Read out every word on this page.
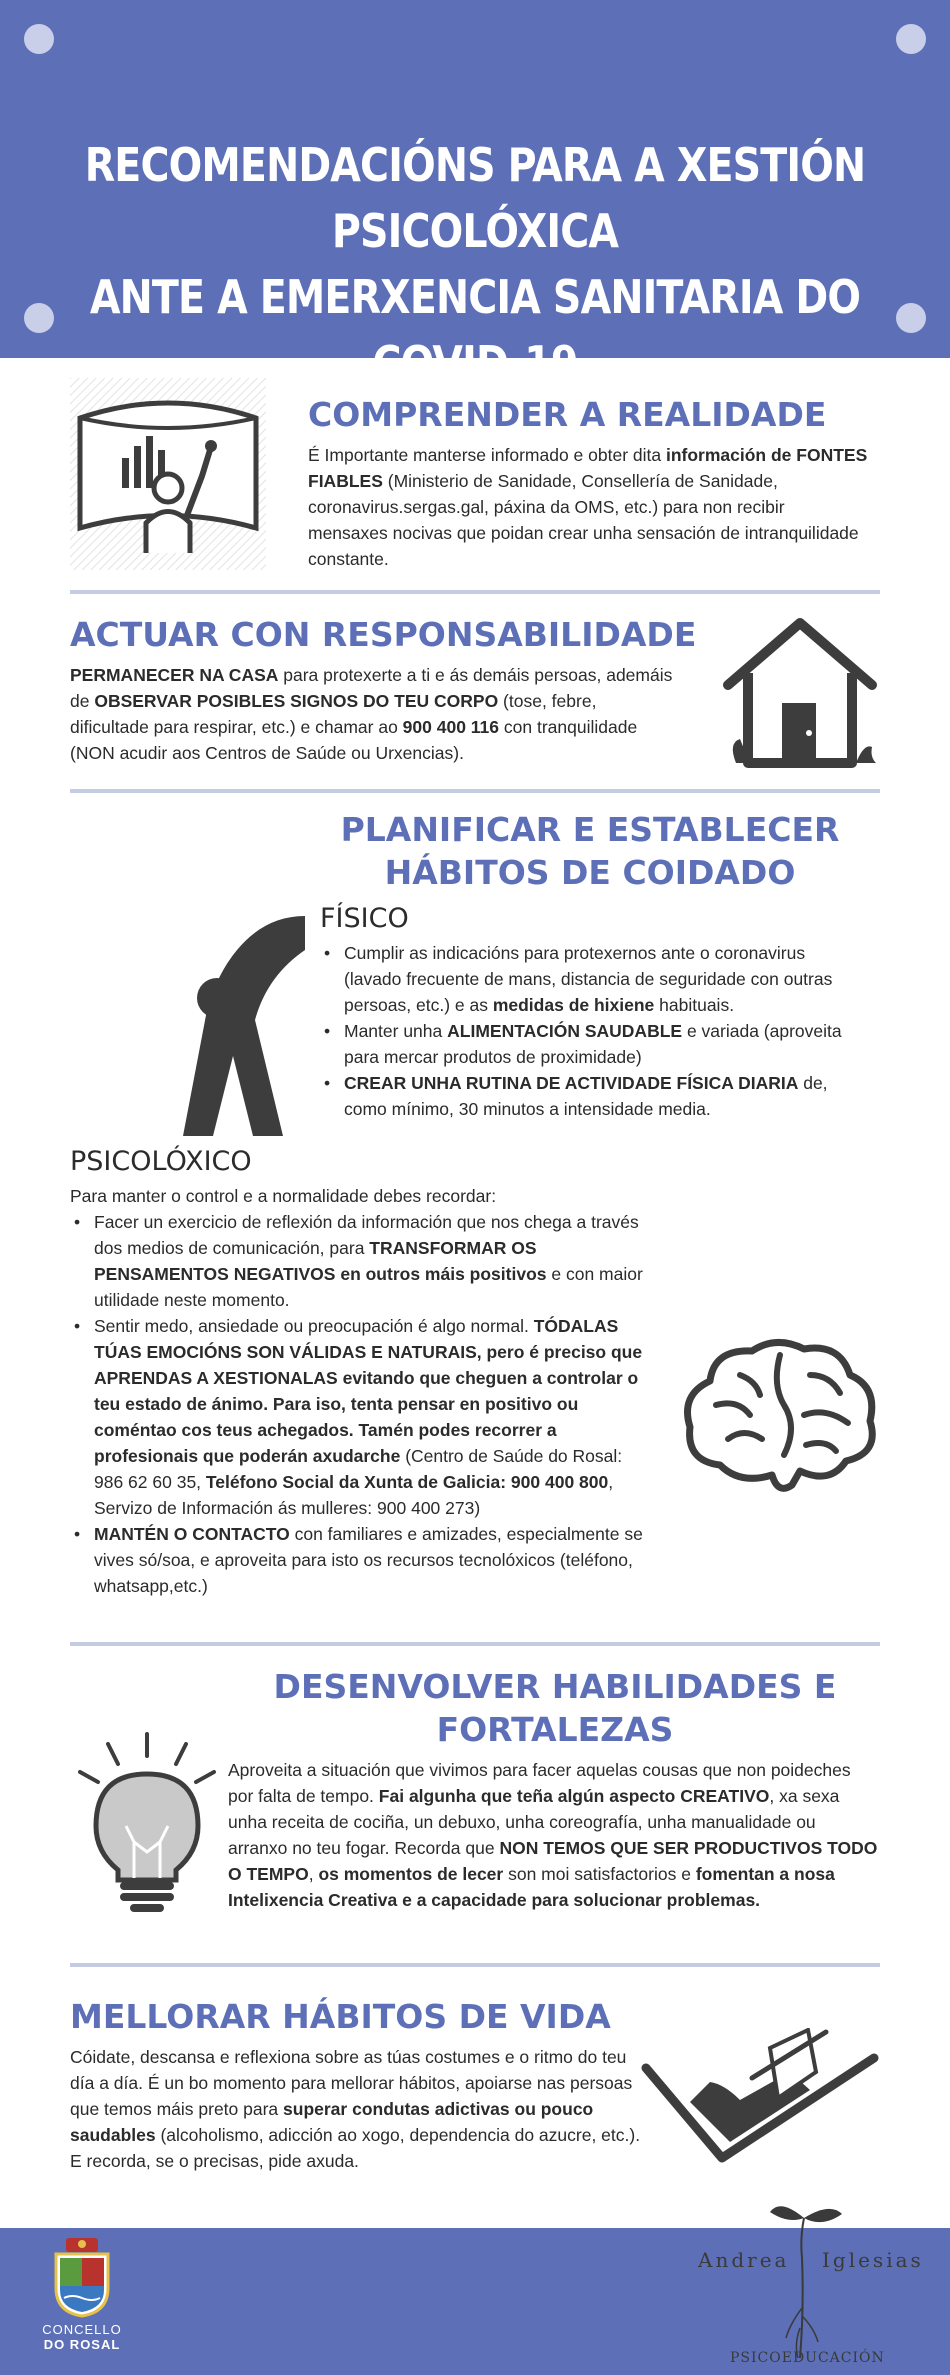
RECOMENDACIÓNS PARA A XESTIÓN PSICOLÓXICA
ANTE A EMERXENCIA SANITARIA DO COVID-19
COMPRENDER A REALIDADE
É Importante manterse informado e obter dita información de FONTES FIABLES (Ministerio de Sanidade, Consellería de Sanidade, coronavirus.sergas.gal, páxina da OMS, etc.) para non recibir mensaxes nocivas que poidan crear unha sensación de intranquilidade constante.
ACTUAR CON RESPONSABILIDADE
PERMANECER NA CASA para protexerte a ti e ás demáis persoas, ademáis de OBSERVAR POSIBLES SIGNOS DO TEU CORPO (tose, febre, dificultade para respirar, etc.) e chamar ao 900 400 116 con tranquilidade (NON acudir aos Centros de Saúde ou Urxencias).
PLANIFICAR E ESTABLECER
HÁBITOS DE COIDADO
FÍSICO
• Cumplir as indicacións para protexernos ante o coronavirus (lavado frecuente de mans, distancia de seguridade con outras persoas, etc.) e as medidas de hixiene habituais.
• Manter unha ALIMENTACIÓN SAUDABLE e variada (aproveita para mercar produtos de proximidade)
• CREAR UNHA RUTINA DE ACTIVIDADE FÍSICA DIARIA de, como mínimo, 30 minutos a intensidade media.
PSICOLÓXICO
Para manter o control e a normalidade debes recordar:
• Facer un exercicio de reflexión da información que nos chega a través dos medios de comunicación, para TRANSFORMAR OS PENSAMENTOS NEGATIVOS en outros máis positivos e con maior utilidade neste momento.
• Sentir medo, ansiedade ou preocupación é algo normal. TÓDALAS TÚAS EMOCIÓNS SON VÁLIDAS E NATURAIS, pero é preciso que APRENDAS A XESTIONALAS evitando que cheguen a controlar o teu estado de ánimo. Para iso, tenta pensar en positivo ou coméntao cos teus achegados. Tamén podes recorrer a profesionais que poderán axudarche (Centro de Saúde do Rosal: 986 62 60 35, Teléfono Social da Xunta de Galicia: 900 400 800, Servizo de Información ás mulleres: 900 400 273)
• MANTÉN O CONTACTO con familiares e amizades, especialmente se vives só/soa, e aproveita para isto os recursos tecnolóxicos (teléfono, whatsapp,etc.)
DESENVOLVER HABILIDADES E
FORTALEZAS
Aproveita a situación que vivimos para facer aquelas cousas que non poideches por falta de tempo. Fai algunha que teña algún aspecto CREATIVO, xa sexa unha receita de cociña, un debuxo, unha coreografía, unha manualidade ou arranxo no teu fogar. Recorda que NON TEMOS QUE SER PRODUCTIVOS TODO O TEMPO, os momentos de lecer son moi satisfactorios e fomentan a nosa Intelixencia Creativa e a capacidade para solucionar problemas.
MELLORAR HÁBITOS DE VIDA
Cóidate, descansa e reflexiona sobre as túas costumes e o ritmo do teu día a día. É un bo momento para mellorar hábitos, apoiarse nas persoas que temos máis preto para superar condutas adictivas ou pouco saudables (alcoholismo, adicción ao xogo, dependencia do azucre, etc.). E recorda, se o precisas, pide axuda.
CONCELLO
DO ROSAL
Andrea Iglesias
PSICOEDUCACIÓN
